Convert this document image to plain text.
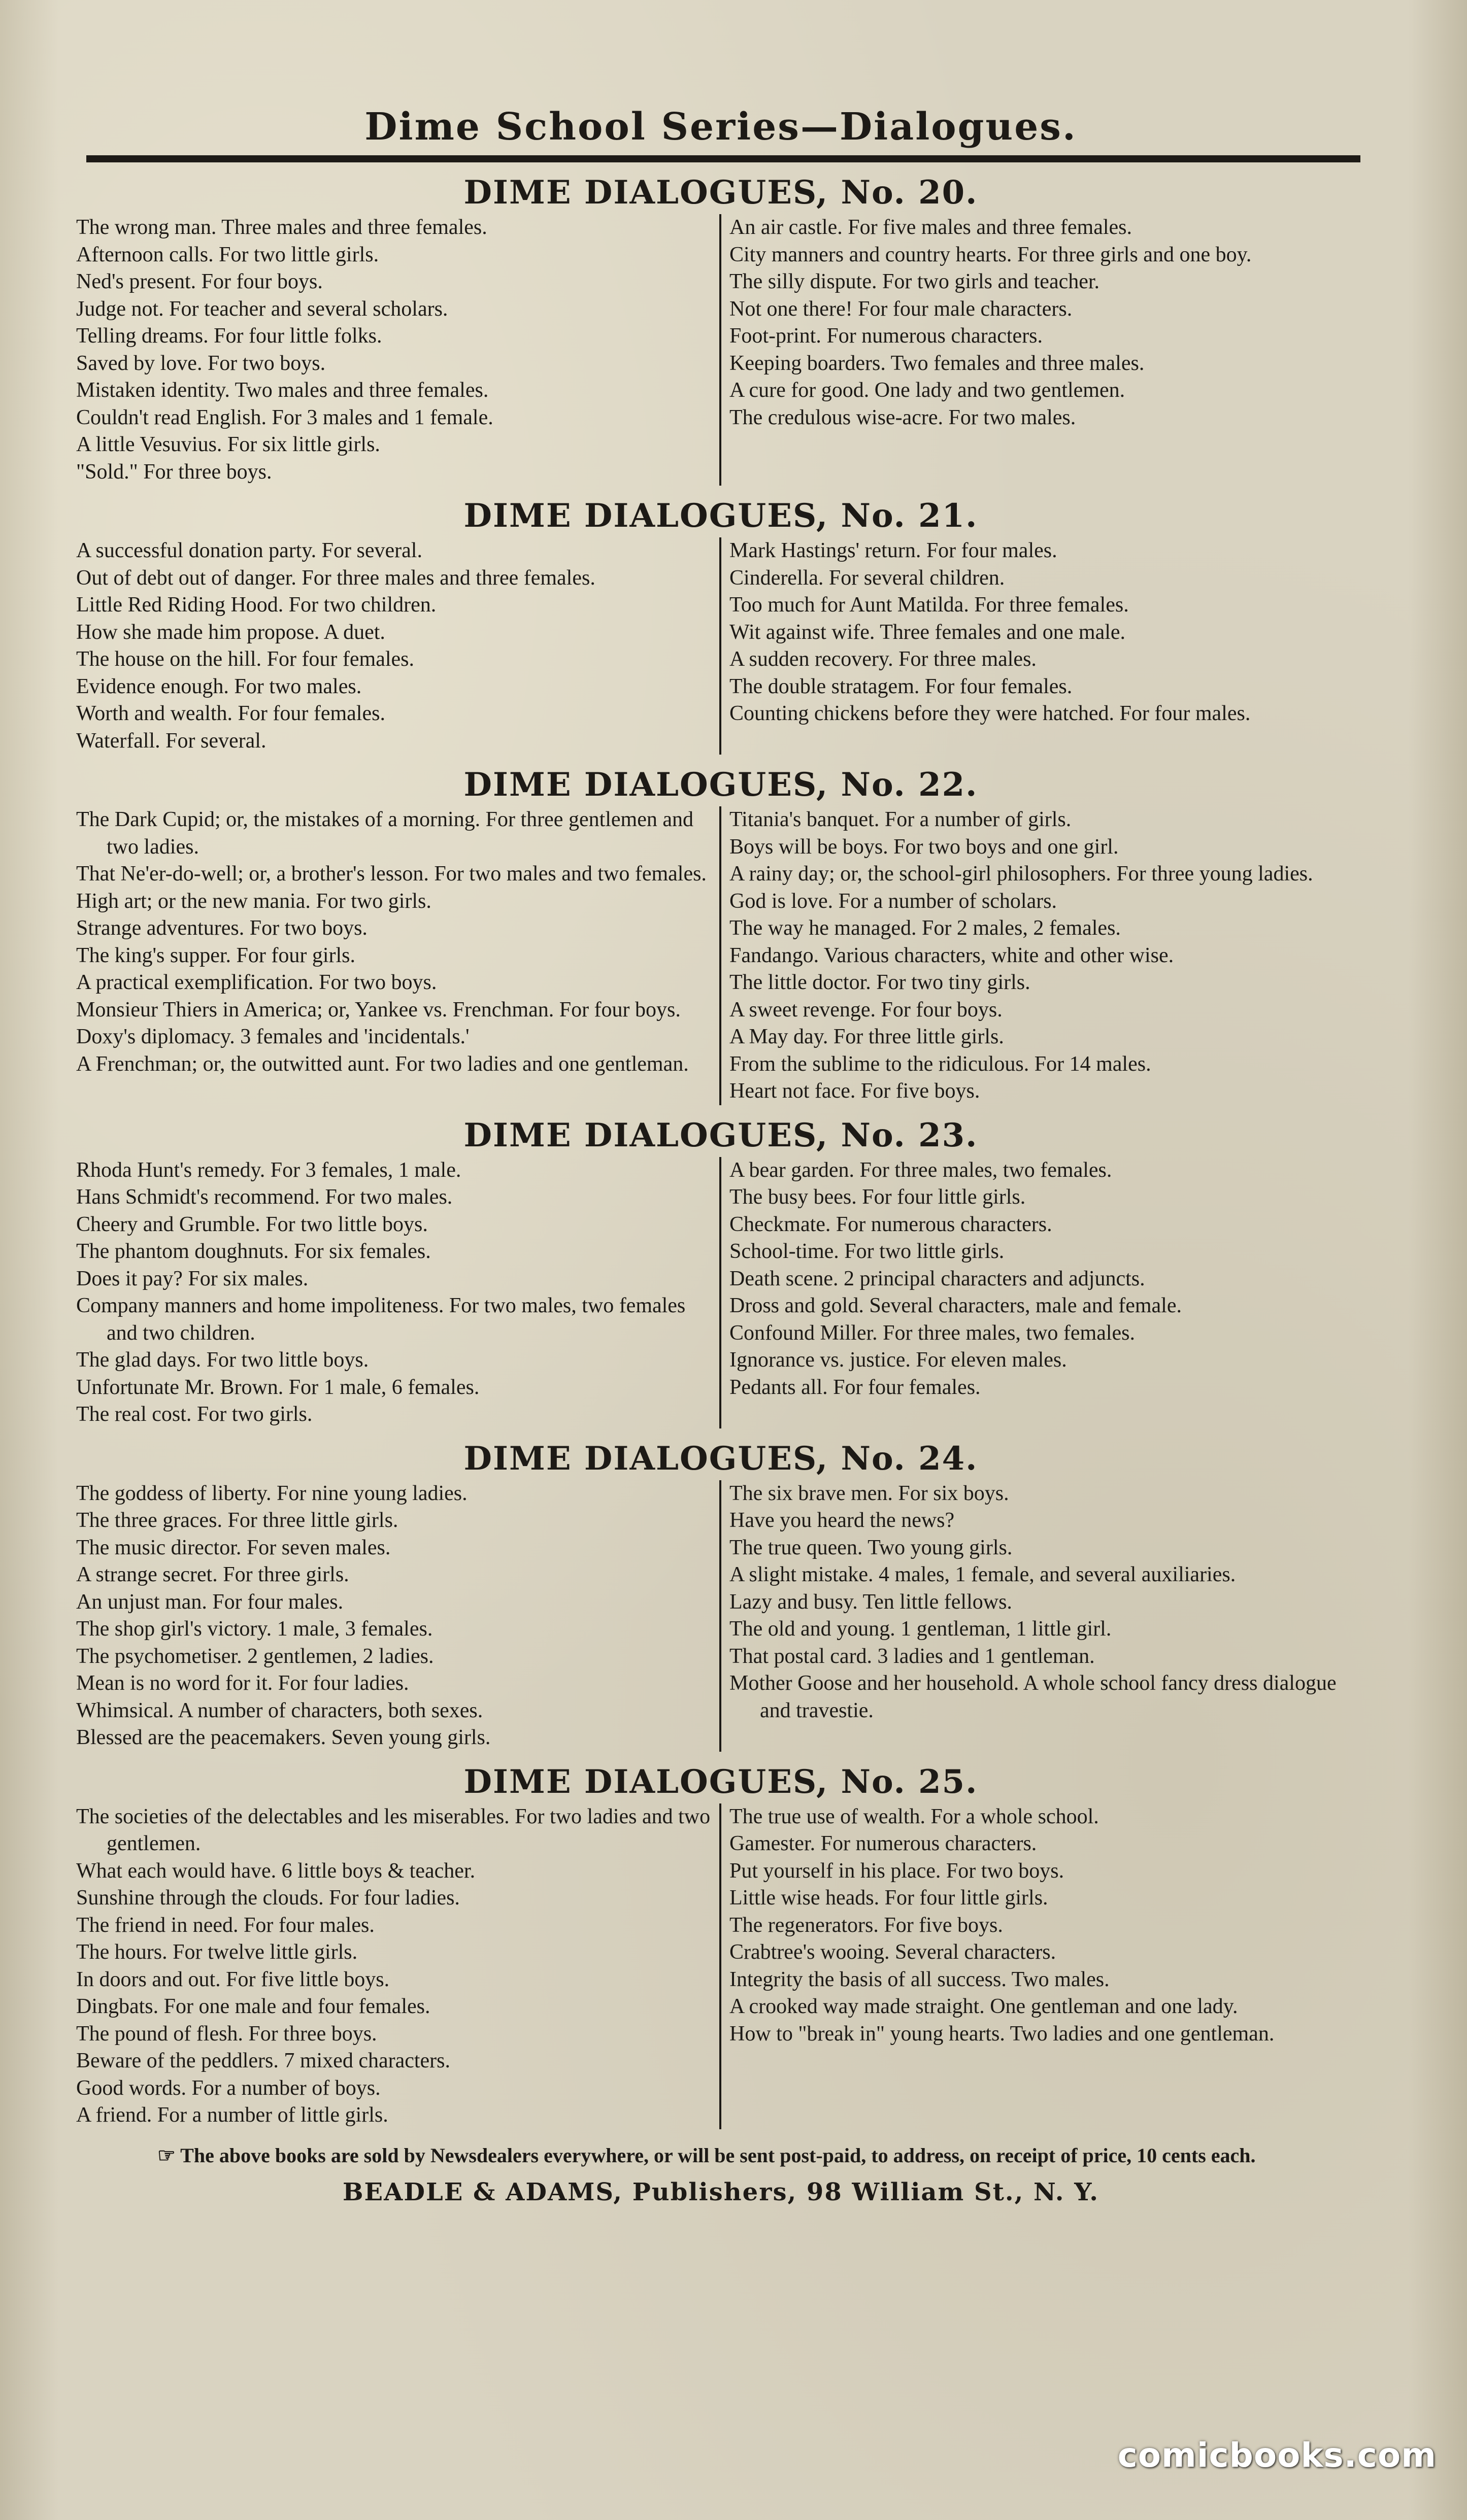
Dime School Series—Dialogues.
DIME DIALOGUES, No. 20.
The wrong man. Three males and three females.
Afternoon calls. For two little girls.
Ned's present. For four boys.
Judge not. For teacher and several scholars.
Telling dreams. For four little folks.
Saved by love. For two boys.
Mistaken identity. Two males and three females.
Couldn't read English. For 3 males and 1 female.
A little Vesuvius. For six little girls.
"Sold." For three boys.
An air castle. For five males and three females.
City manners and country hearts. For three girls and one boy.
The silly dispute. For two girls and teacher.
Not one there! For four male characters.
Foot-print. For numerous characters.
Keeping boarders. Two females and three males.
A cure for good. One lady and two gentlemen.
The credulous wise-acre. For two males.
DIME DIALOGUES, No. 21.
A successful donation party. For several.
Out of debt out of danger. For three males and three females.
Little Red Riding Hood. For two children.
How she made him propose. A duet.
The house on the hill. For four females.
Evidence enough. For two males.
Worth and wealth. For four females.
Waterfall. For several.
Mark Hastings' return. For four males.
Cinderella. For several children.
Too much for Aunt Matilda. For three females.
Wit against wife. Three females and one male.
A sudden recovery. For three males.
The double stratagem. For four females.
Counting chickens before they were hatched. For four males.
DIME DIALOGUES, No. 22.
The Dark Cupid; or, the mistakes of a morning. For three gentlemen and two ladies.
That Ne'er-do-well; or, a brother's lesson. For two males and two females.
High art; or the new mania. For two girls.
Strange adventures. For two boys.
The king's supper. For four girls.
A practical exemplification. For two boys.
Monsieur Thiers in America; or, Yankee vs. Frenchman. For four boys.
Doxy's diplomacy. 3 females and 'incidentals.'
A Frenchman; or, the outwitted aunt. For two ladies and one gentleman.
Titania's banquet. For a number of girls.
Boys will be boys. For two boys and one girl.
A rainy day; or, the school-girl philosophers. For three young ladies.
God is love. For a number of scholars.
The way he managed. For 2 males, 2 females.
Fandango. Various characters, white and other wise.
The little doctor. For two tiny girls.
A sweet revenge. For four boys.
A May day. For three little girls.
From the sublime to the ridiculous. For 14 males.
Heart not face. For five boys.
DIME DIALOGUES, No. 23.
Rhoda Hunt's remedy. For 3 females, 1 male.
Hans Schmidt's recommend. For two males.
Cheery and Grumble. For two little boys.
The phantom doughnuts. For six females.
Does it pay? For six males.
Company manners and home impoliteness. For two males, two females and two children.
The glad days. For two little boys.
Unfortunate Mr. Brown. For 1 male, 6 females.
The real cost. For two girls.
A bear garden. For three males, two females.
The busy bees. For four little girls.
Checkmate. For numerous characters.
School-time. For two little girls.
Death scene. 2 principal characters and adjuncts.
Dross and gold. Several characters, male and female.
Confound Miller. For three males, two females.
Ignorance vs. justice. For eleven males.
Pedants all. For four females.
DIME DIALOGUES, No. 24.
The goddess of liberty. For nine young ladies.
The three graces. For three little girls.
The music director. For seven males.
A strange secret. For three girls.
An unjust man. For four males.
The shop girl's victory. 1 male, 3 females.
The psychometiser. 2 gentlemen, 2 ladies.
Mean is no word for it. For four ladies.
Whimsical. A number of characters, both sexes.
Blessed are the peacemakers. Seven young girls.
The six brave men. For six boys.
Have you heard the news?
The true queen. Two young girls.
A slight mistake. 4 males, 1 female, and several auxiliaries.
Lazy and busy. Ten little fellows.
The old and young. 1 gentleman, 1 little girl.
That postal card. 3 ladies and 1 gentleman.
Mother Goose and her household. A whole school fancy dress dialogue and travestie.
DIME DIALOGUES, No. 25.
The societies of the delectables and les miserables. For two ladies and two gentlemen.
What each would have. 6 little boys & teacher.
Sunshine through the clouds. For four ladies.
The friend in need. For four males.
The hours. For twelve little girls.
In doors and out. For five little boys.
Dingbats. For one male and four females.
The pound of flesh. For three boys.
Beware of the peddlers. 7 mixed characters.
Good words. For a number of boys.
A friend. For a number of little girls.
The true use of wealth. For a whole school.
Gamester. For numerous characters.
Put yourself in his place. For two boys.
Little wise heads. For four little girls.
The regenerators. For five boys.
Crabtree's wooing. Several characters.
Integrity the basis of all success. Two males.
A crooked way made straight. One gentleman and one lady.
How to "break in" young hearts. Two ladies and one gentleman.
☞ The above books are sold by Newsdealers everywhere, or will be sent post-paid, to address, on receipt of price, 10 cents each.
BEADLE & ADAMS, Publishers, 98 William St., N. Y.
comicbooks.com
